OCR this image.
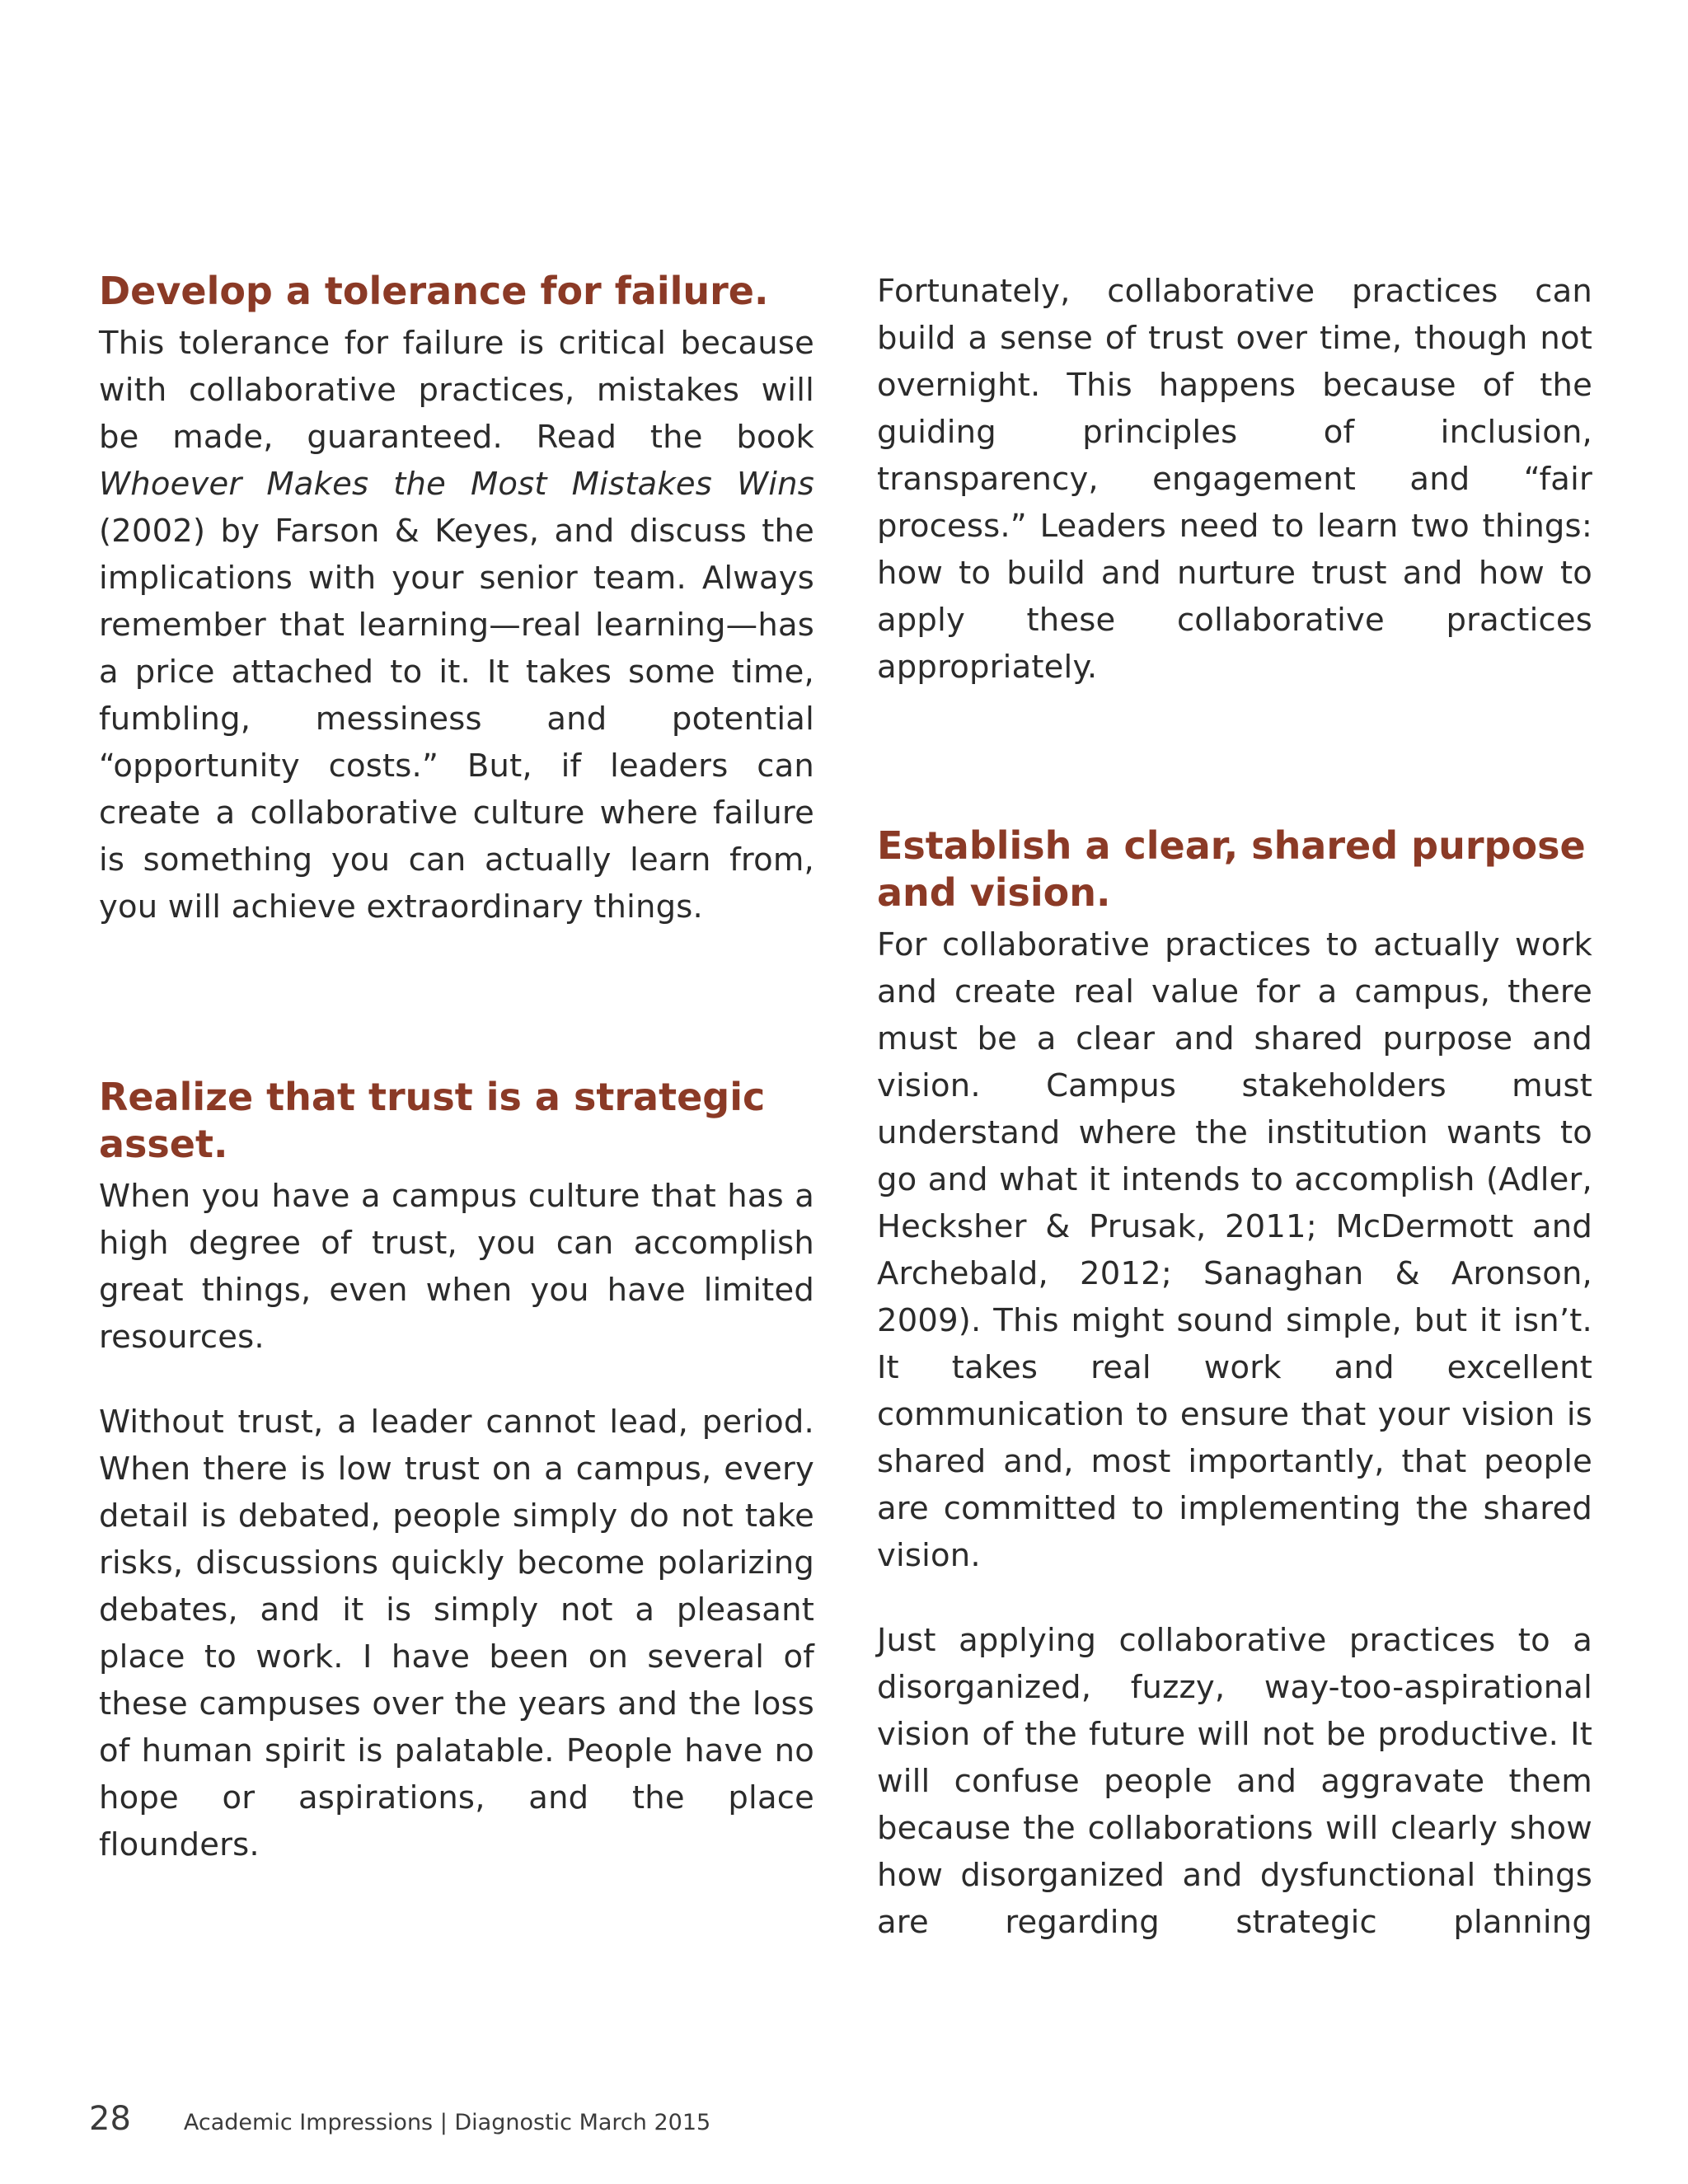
Develop a tolerance for failure.

This tolerance for failure is critical because with collaborative practices, mistakes will be made, guaranteed. Read the book Whoever Makes the Most Mistakes Wins (2002) by Farson & Keyes, and discuss the implications with your senior team. Always remember that learning—real learning—has a price attached to it. It takes some time, fumbling, messiness and potential “opportunity costs.” But, if leaders can create a collaborative culture where failure is something you can actually learn from, you will achieve extraordinary things.

Realize that trust is a strategic asset.

When you have a campus culture that has a high degree of trust, you can accomplish great things, even when you have limited resources.

Without trust, a leader cannot lead, period. When there is low trust on a campus, every detail is debated, people simply do not take risks, discussions quickly become polarizing debates, and it is simply not a pleasant place to work. I have been on several of these campuses over the years and the loss of human spirit is palatable. People have no hope or aspirations, and the place flounders.

Fortunately, collaborative practices can build a sense of trust over time, though not overnight. This happens because of the guiding principles of inclusion, transparency, engagement and “fair process.” Leaders need to learn two things: how to build and nurture trust and how to apply these collaborative practices appropriately.

Establish a clear, shared purpose and vision.

For collaborative practices to actually work and create real value for a campus, there must be a clear and shared purpose and vision. Campus stakeholders must understand where the institution wants to go and what it intends to accomplish (Adler, Hecksher & Prusak, 2011; McDermott and Archebald, 2012; Sanaghan & Aronson, 2009). This might sound simple, but it isn’t. It takes real work and excellent communication to ensure that your vision is shared and, most importantly, that people are committed to implementing the shared vision.

Just applying collaborative practices to a disorganized, fuzzy, way-too-aspirational vision of the future will not be productive. It will confuse people and aggravate them because the collaborations will clearly show how disorganized and dysfunctional things are regarding strategic planning

28 Academic Impressions | Diagnostic March 2015
